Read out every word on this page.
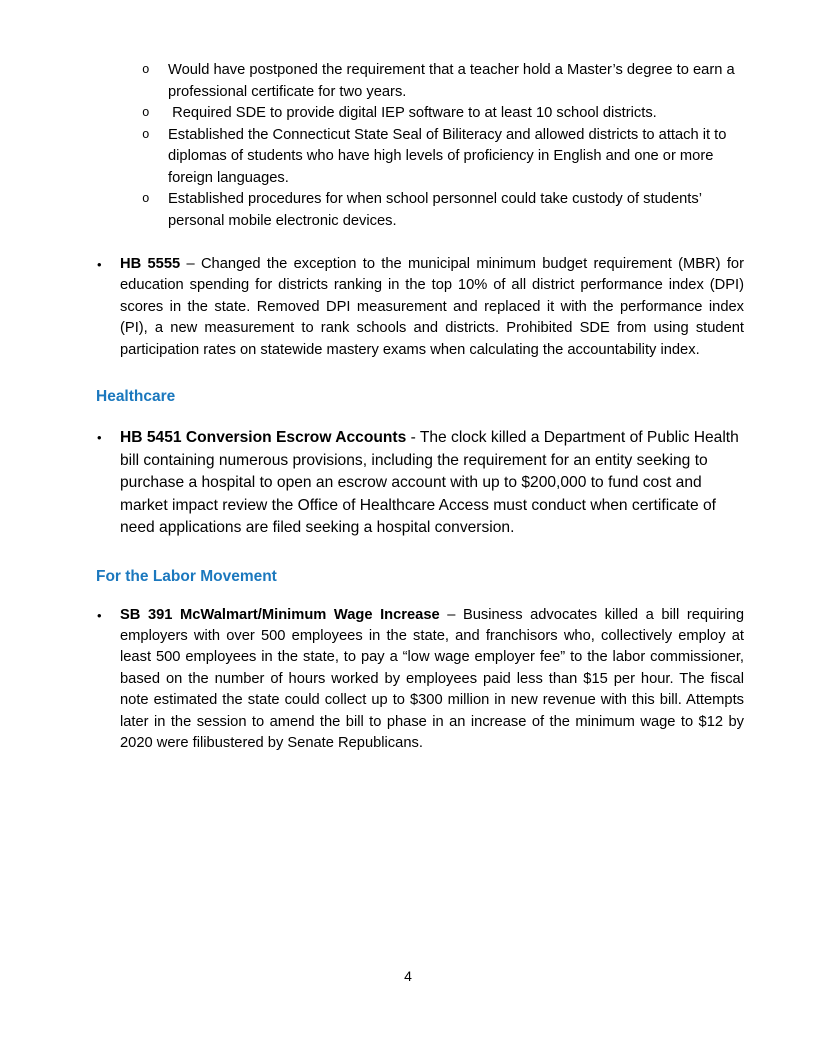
o Would have postponed the requirement that a teacher hold a Master’s degree to earn a professional certificate for two years.
o Required SDE to provide digital IEP software to at least 10 school districts.
o Established the Connecticut State Seal of Biliteracy and allowed districts to attach it to diplomas of students who have high levels of proficiency in English and one or more foreign languages.
o Established procedures for when school personnel could take custody of students’ personal mobile electronic devices.
• HB 5555 – Changed the exception to the municipal minimum budget requirement (MBR) for education spending for districts ranking in the top 10% of all district performance index (DPI) scores in the state. Removed DPI measurement and replaced it with the performance index (PI), a new measurement to rank schools and districts. Prohibited SDE from using student participation rates on statewide mastery exams when calculating the accountability index.
Healthcare
• HB 5451 Conversion Escrow Accounts - The clock killed a Department of Public Health bill containing numerous provisions, including the requirement for an entity seeking to purchase a hospital to open an escrow account with up to $200,000 to fund cost and market impact review the Office of Healthcare Access must conduct when certificate of need applications are filed seeking a hospital conversion.
For the Labor Movement
• SB 391 McWalmart/Minimum Wage Increase – Business advocates killed a bill requiring employers with over 500 employees in the state, and franchisors who, collectively employ at least 500 employees in the state, to pay a “low wage employer fee” to the labor commissioner, based on the number of hours worked by employees paid less than $15 per hour. The fiscal note estimated the state could collect up to $300 million in new revenue with this bill. Attempts later in the session to amend the bill to phase in an increase of the minimum wage to $12 by 2020 were filibustered by Senate Republicans.
4
